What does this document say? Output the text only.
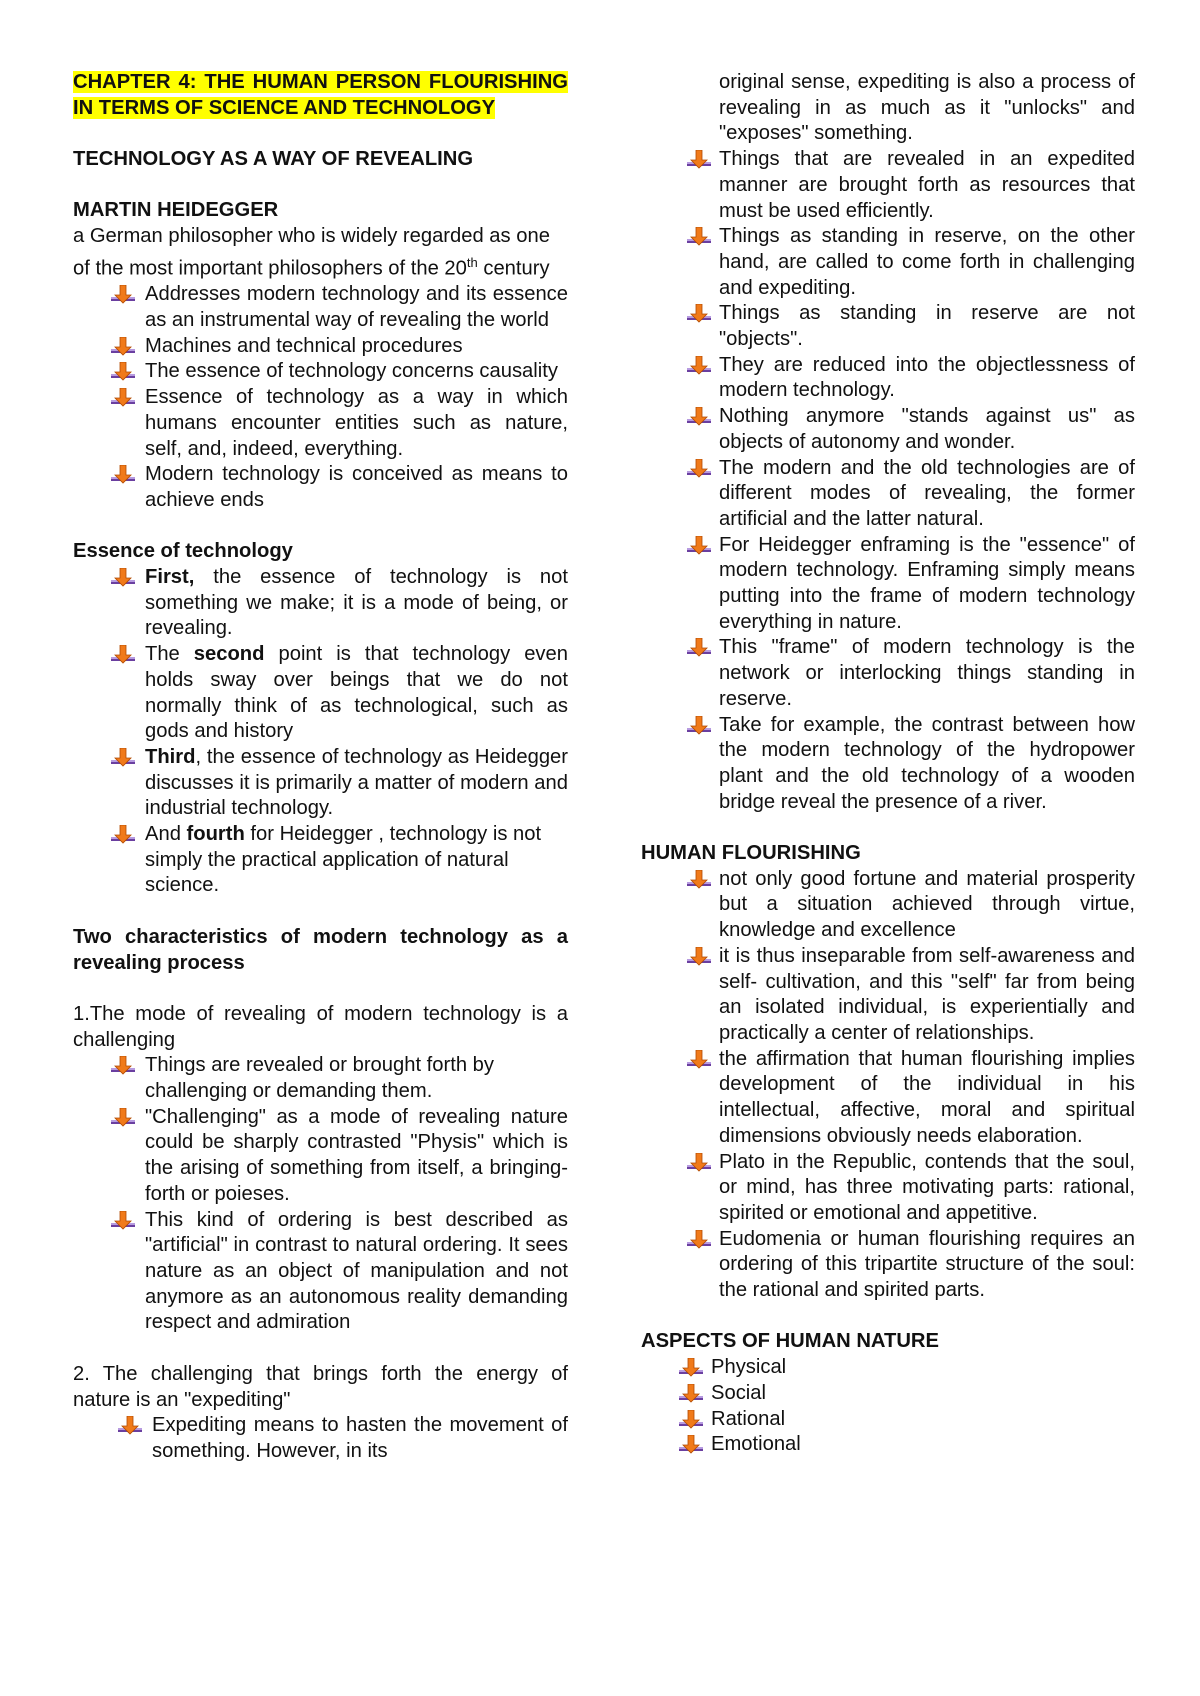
CHAPTER 4: THE HUMAN PERSON FLOURISHING IN TERMS OF SCIENCE AND TECHNOLOGY

TECHNOLOGY AS A WAY OF REVEALING

MARTIN HEIDEGGER

a German philosopher who is widely regarded as one of the most important philosophers of the 20th century

Addresses modern technology and its essence as an instrumental way of revealing the world
Machines and technical procedures
The essence of technology concerns causality
Essence of technology as a way in which humans encounter entities such as nature, self, and, indeed, everything.
Modern technology is conceived as means to achieve ends

Essence of technology

First, the essence of technology is not something we make; it is a mode of being, or revealing.
The second point is that technology even holds sway over beings that we do not normally think of as technological, such as gods and history
Third, the essence of technology as Heidegger discusses it is primarily a matter of modern and industrial technology.
And fourth for Heidegger , technology is not simply the practical application of natural science.

Two characteristics of modern technology as a revealing process

1.The mode of revealing of modern technology is a challenging

Things are revealed or brought forth by challenging or demanding them.
"Challenging" as a mode of revealing nature could be sharply contrasted "Physis" which is the arising of something from itself, a bringing- forth or poieses.
This kind of ordering is best described as "artificial" in contrast to natural ordering. It sees nature as an object of manipulation and not anymore as an autonomous reality demanding respect and admiration

2. The challenging that brings forth the energy of nature is an "expediting"

Expediting means to hasten the movement of something. However, in its
original sense, expediting is also a process of revealing in as much as it "unlocks" and "exposes" something.
Things that are revealed in an expedited manner are brought forth as resources that must be used efficiently.
Things as standing in reserve, on the other hand, are called to come forth in challenging and expediting.
Things as standing in reserve are not "objects".
They are reduced into the objectlessness of modern technology.
Nothing anymore "stands against us" as objects of autonomy and wonder.
The modern and the old technologies are of different modes of revealing, the former artificial and the latter natural.
For Heidegger enframing is the "essence" of modern technology. Enframing simply means putting into the frame of modern technology everything in nature.
This "frame" of modern technology is the network or interlocking things standing in reserve.
Take for example, the contrast between how the modern technology of the hydropower plant and the old technology of a wooden bridge reveal the presence of a river.

HUMAN FLOURISHING

not only good fortune and material prosperity but a situation achieved through virtue, knowledge and excellence
it is thus inseparable from self-awareness and self- cultivation, and this "self" far from being an isolated individual, is experientially and practically a center of relationships.
the affirmation that human flourishing implies development of the individual in his intellectual, affective, moral and spiritual dimensions obviously needs elaboration.
Plato in the Republic, contends that the soul, or mind, has three motivating parts: rational, spirited or emotional and appetitive.
Eudomenia or human flourishing requires an ordering of this tripartite structure of the soul: the rational and spirited parts.

ASPECTS OF HUMAN NATURE

Physical
Social
Rational
Emotional
